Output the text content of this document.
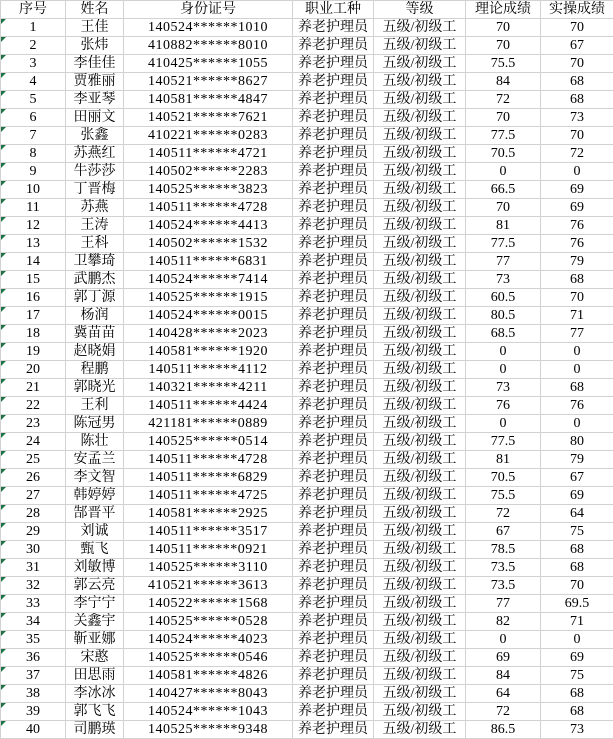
序号	姓名	身份证号	职业工种	等级	理论成绩	实操成绩

1	王佳	140524******1010	养老护理员	五级/初级工	70	70

2	张炜	410882******8010	养老护理员	五级/初级工	70	67

3	李佳佳	410425******1055	养老护理员	五级/初级工	75.5	70

4	贾雅丽	140521******8627	养老护理员	五级/初级工	84	68

5	李亚琴	140581******4847	养老护理员	五级/初级工	72	68

6	田丽文	140521******7621	养老护理员	五级/初级工	70	73

7	张鑫	410221******0283	养老护理员	五级/初级工	77.5	70

8	苏燕红	140511******4721	养老护理员	五级/初级工	70.5	72

9	牛莎莎	140502******2283	养老护理员	五级/初级工	0	0

10	丁晋梅	140525******3823	养老护理员	五级/初级工	66.5	69

11	苏燕	140511******4728	养老护理员	五级/初级工	70	69

12	王涛	140524******4413	养老护理员	五级/初级工	81	76

13	王科	140502******1532	养老护理员	五级/初级工	77.5	76

14	卫攀琦	140511******6831	养老护理员	五级/初级工	77	79

15	武鹏杰	140524******7414	养老护理员	五级/初级工	73	68

16	郭丁源	140525******1915	养老护理员	五级/初级工	60.5	70

17	杨润	140524******0015	养老护理员	五级/初级工	80.5	71

18	冀苗苗	140428******2023	养老护理员	五级/初级工	68.5	77

19	赵晓娟	140581******1920	养老护理员	五级/初级工	0	0

20	程鹏	140511******4112	养老护理员	五级/初级工	0	0

21	郭晓光	140321******4211	养老护理员	五级/初级工	73	68

22	王利	140511******4424	养老护理员	五级/初级工	76	76

23	陈冠男	421181******0889	养老护理员	五级/初级工	0	0

24	陈壮	140525******0514	养老护理员	五级/初级工	77.5	80

25	安孟兰	140511******4728	养老护理员	五级/初级工	81	79

26	李文智	140511******6829	养老护理员	五级/初级工	70.5	67

27	韩婷婷	140511******4725	养老护理员	五级/初级工	75.5	69

28	郜晋平	140581******2925	养老护理员	五级/初级工	72	64

29	刘诚	140511******3517	养老护理员	五级/初级工	67	75

30	甄飞	140511******0921	养老护理员	五级/初级工	78.5	68

31	刘敏博	140525******3110	养老护理员	五级/初级工	73.5	68

32	郭云亮	410521******3613	养老护理员	五级/初级工	73.5	70

33	李宁宁	140522******1568	养老护理员	五级/初级工	77	69.5

34	关鑫宇	140525******0528	养老护理员	五级/初级工	82	71

35	靳亚娜	140524******4023	养老护理员	五级/初级工	0	0

36	宋憨	140525******0546	养老护理员	五级/初级工	69	69

37	田思雨	140581******4826	养老护理员	五级/初级工	84	75

38	李冰冰	140427******8043	养老护理员	五级/初级工	64	68

39	郭飞飞	140524******1043	养老护理员	五级/初级工	72	68

40	司鹏瑛	140525******9348	养老护理员	五级/初级工	86.5	73
